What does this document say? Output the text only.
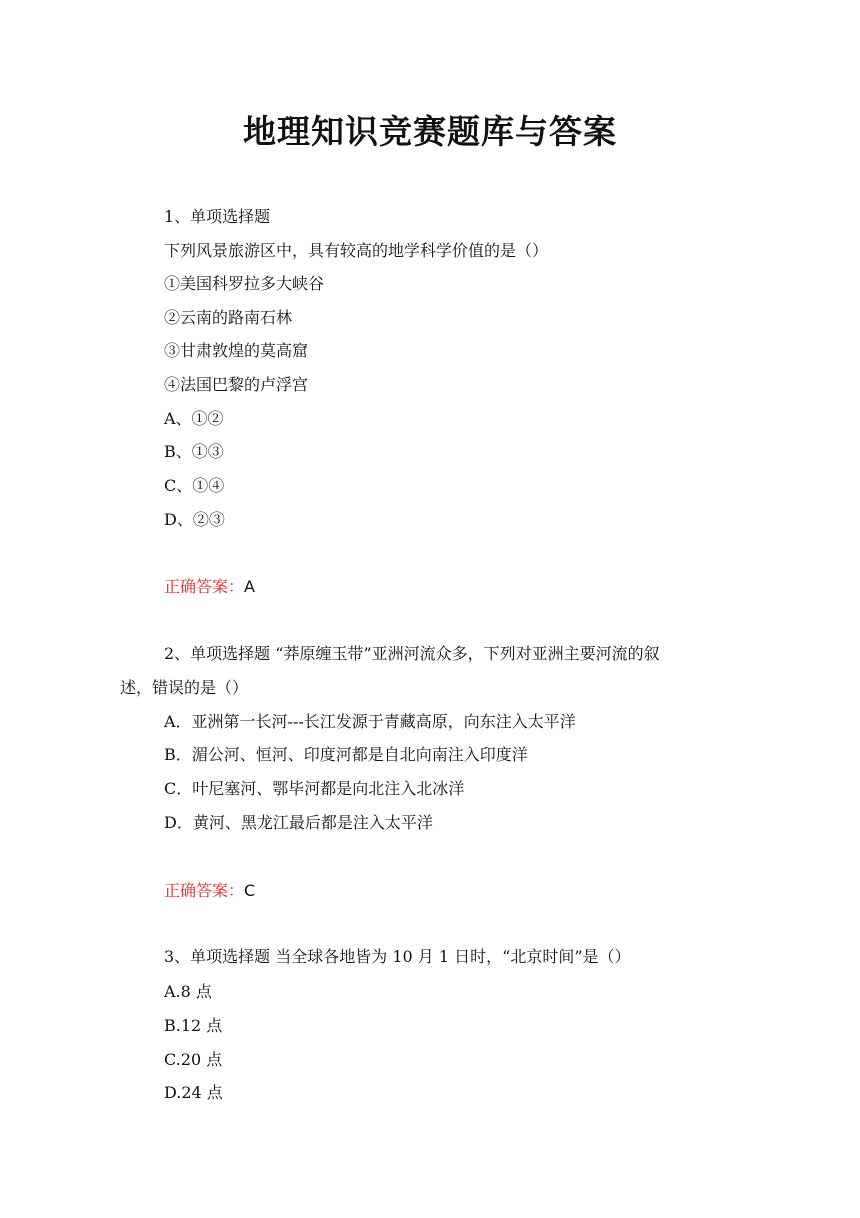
地理知识竞赛题库与答案
1、单项选择题
下列风景旅游区中，具有较高的地学科学价值的是（）
①美国科罗拉多大峡谷
②云南的路南石林
③甘肃敦煌的莫高窟
④法国巴黎的卢浮宫
A、①②
B、①③
C、①④
D、②③
正确答案：A
2、单项选择题 “莽原缠玉带”亚洲河流众多，下列对亚洲主要河流的叙
述，错误的是（）
A．亚洲第一长河---长江发源于青藏高原，向东注入太平洋
B．湄公河、恒河、印度河都是自北向南注入印度洋
C．叶尼塞河、鄂毕河都是向北注入北冰洋
D．黄河、黑龙江最后都是注入太平洋
正确答案：C
3、单项选择题 当全球各地皆为 10 月 1 日时，“北京时间”是（）
A.8 点
B.12 点
C.20 点
D.24 点
